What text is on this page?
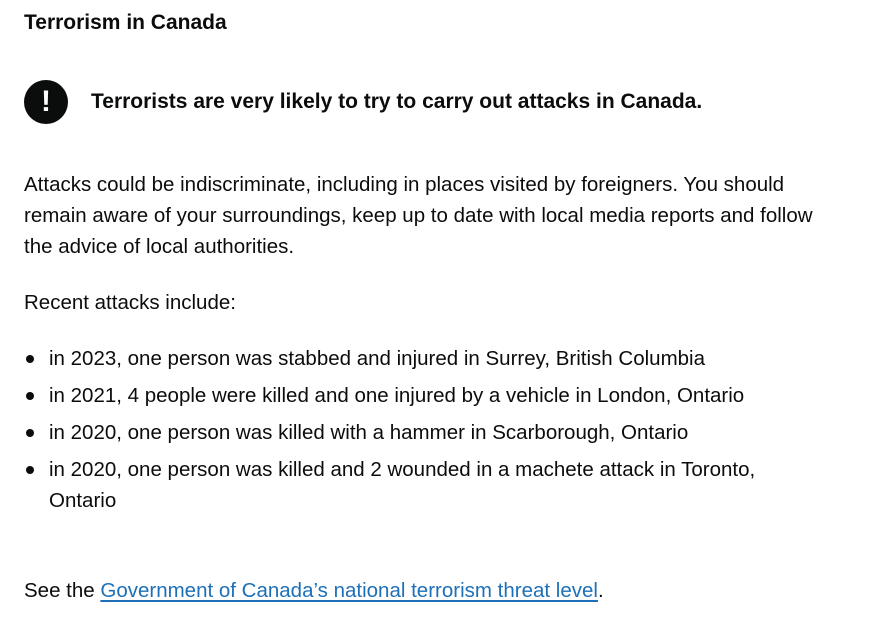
Terrorism in Canada
!	Terrorists are very likely to try to carry out attacks in Canada.

Attacks could be indiscriminate, including in places visited by foreigners. You should remain aware of your surroundings, keep up to date with local media reports and follow the advice of local authorities.

Recent attacks include:

in 2023, one person was stabbed and injured in Surrey, British Columbia
in 2021, 4 people were killed and one injured by a vehicle in London, Ontario
in 2020, one person was killed with a hammer in Scarborough, Ontario
in 2020, one person was killed and 2 wounded in a machete attack in Toronto, Ontario

See the Government of Canada’s national terrorism threat level.
